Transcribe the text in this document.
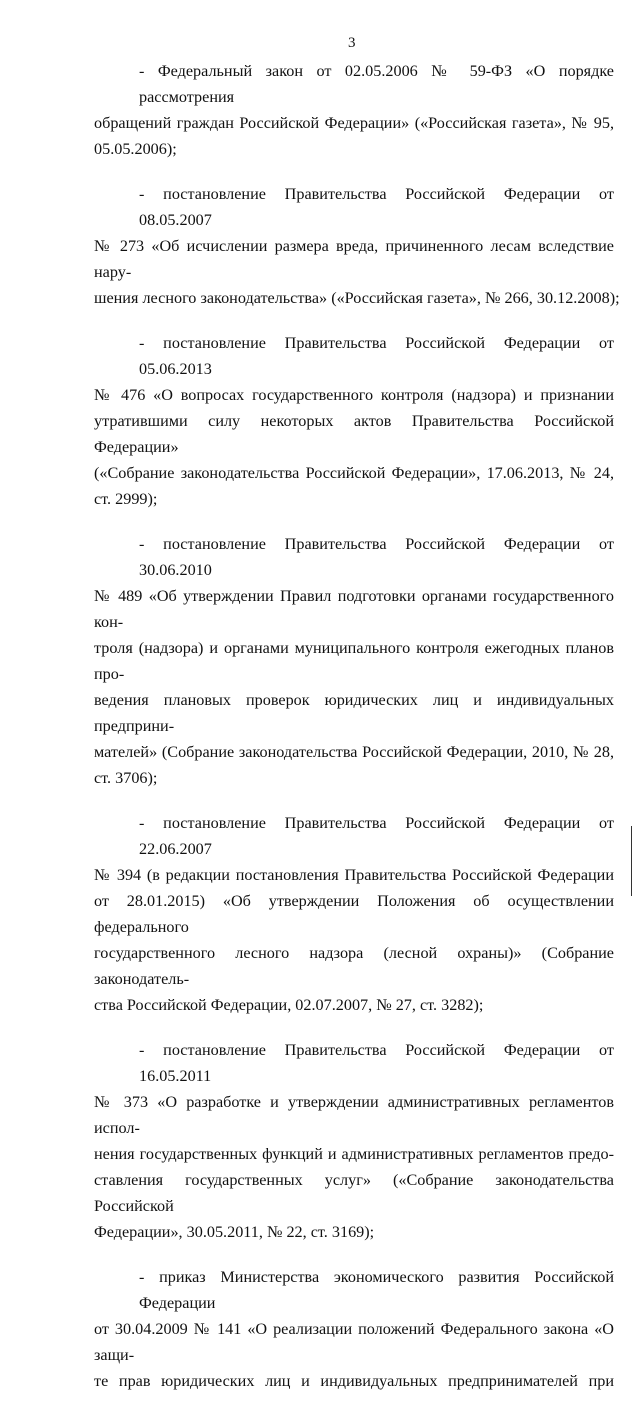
3

- Федеральный закон от 02.05.2006 № 59-ФЗ «О порядке рассмотрения
обращений граждан Российской Федерации» («Российская газета», № 95,
05.05.2006);

- постановление Правительства Российской Федерации от 08.05.2007
№ 273 «Об исчислении размера вреда, причиненного лесам вследствие нару-
шения лесного законодательства» («Российская газета», № 266, 30.12.2008);

- постановление Правительства Российской Федерации от 05.06.2013
№ 476 «О вопросах государственного контроля (надзора) и признании
утратившими силу некоторых актов Правительства Российской Федерации»
(«Собрание законодательства Российской Федерации», 17.06.2013, № 24,
ст. 2999);

- постановление Правительства Российской Федерации от 30.06.2010
№ 489 «Об утверждении Правил подготовки органами государственного кон-
троля (надзора) и органами муниципального контроля ежегодных планов про-
ведения плановых проверок юридических лиц и индивидуальных предприни-
мателей» (Собрание законодательства Российской Федерации, 2010, № 28,
ст. 3706);

- постановление Правительства Российской Федерации от 22.06.2007
№ 394 (в редакции постановления Правительства Российской Федерации
от 28.01.2015) «Об утверждении Положения об осуществлении федерального
государственного лесного надзора (лесной охраны)» (Собрание законодатель-
ства Российской Федерации, 02.07.2007, № 27, ст. 3282);

- постановление Правительства Российской Федерации от 16.05.2011
№ 373 «О разработке и утверждении административных регламентов испол-
нения государственных функций и административных регламентов предо-
ставления государственных услуг» («Собрание законодательства Российской
Федерации», 30.05.2011, № 22, ст. 3169);

- приказ Министерства экономического развития Российской Федерации
от 30.04.2009 № 141 «О реализации положений Федерального закона «О защи-
те прав юридических лиц и индивидуальных предпринимателей при
